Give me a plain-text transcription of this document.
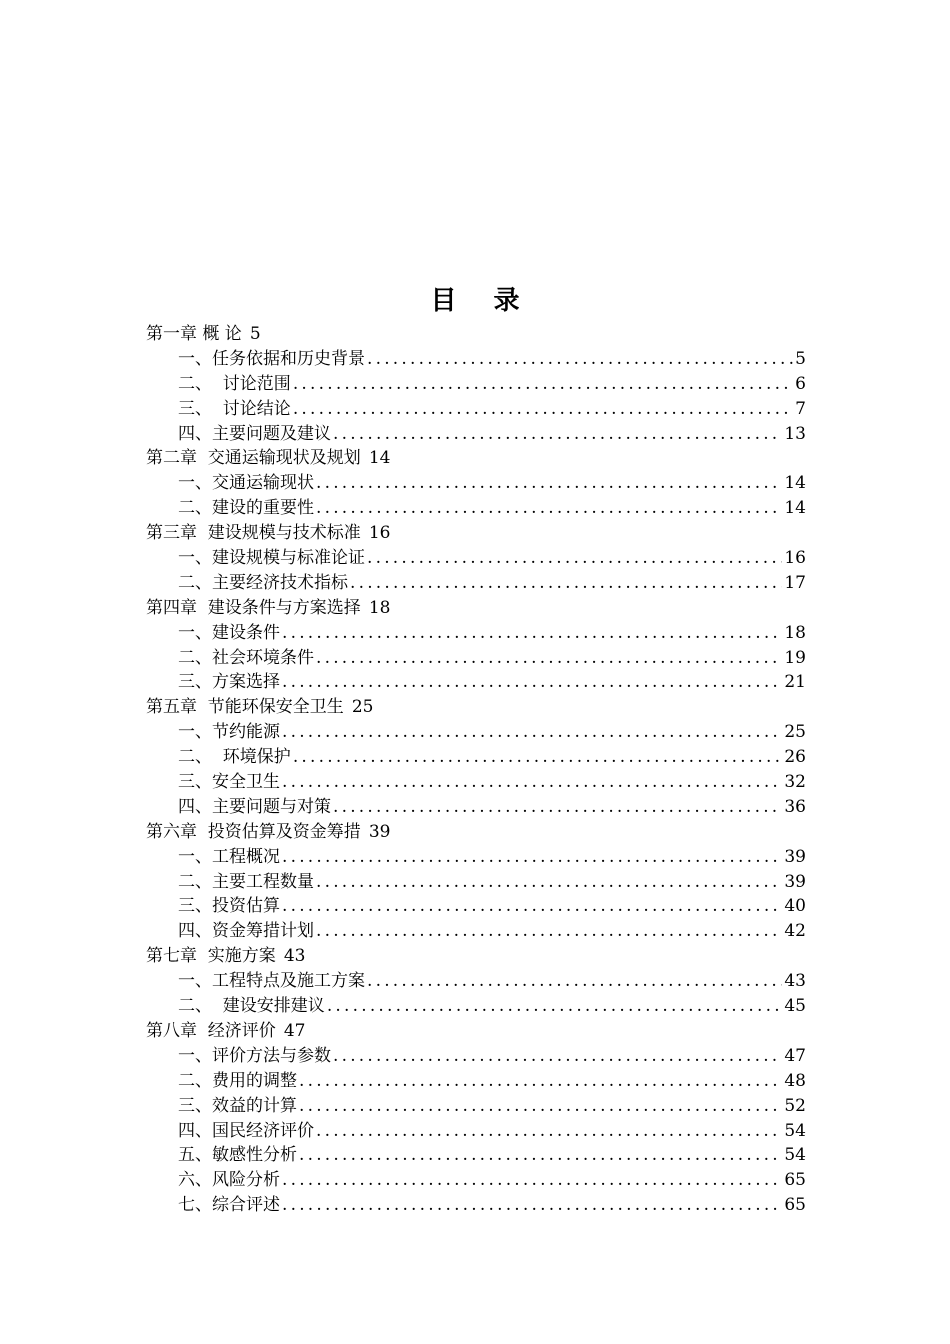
目 录
第一章 概 论 5
一、任务依据和历史背景 .....	5
二、  讨论范围 .....	6
三、  讨论结论 .....	7
四、主要问题及建议 .....	13
第二章  交通运输现状及规划 14
一、交通运输现状 .....	14
二、建设的重要性 .....	14
第三章  建设规模与技术标准 16
一、建设规模与标准论证 .....	16
二、主要经济技术指标 .....	17
第四章  建设条件与方案选择 18
一、建设条件 .....	18
二、社会环境条件 .....	19
三、方案选择 .....	21
第五章  节能环保安全卫生 25
一、节约能源 .....	25
二、  环境保护 .....	26
三、安全卫生 .....	32
四、主要问题与对策 .....	36
第六章  投资估算及资金筹措 39
一、工程概况 .....	39
二、主要工程数量 .....	39
三、投资估算 .....	40
四、资金筹措计划 .....	42
第七章  实施方案 43
一、工程特点及施工方案 .....	43
二、  建设安排建议 .....	45
第八章  经济评价 47
一、评价方法与参数 .....	47
二、费用的调整 .....	48
三、效益的计算 .....	52
四、国民经济评价 .....	54
五、敏感性分析 .....	54
六、风险分析 .....	65
七、综合评述 .....	65
